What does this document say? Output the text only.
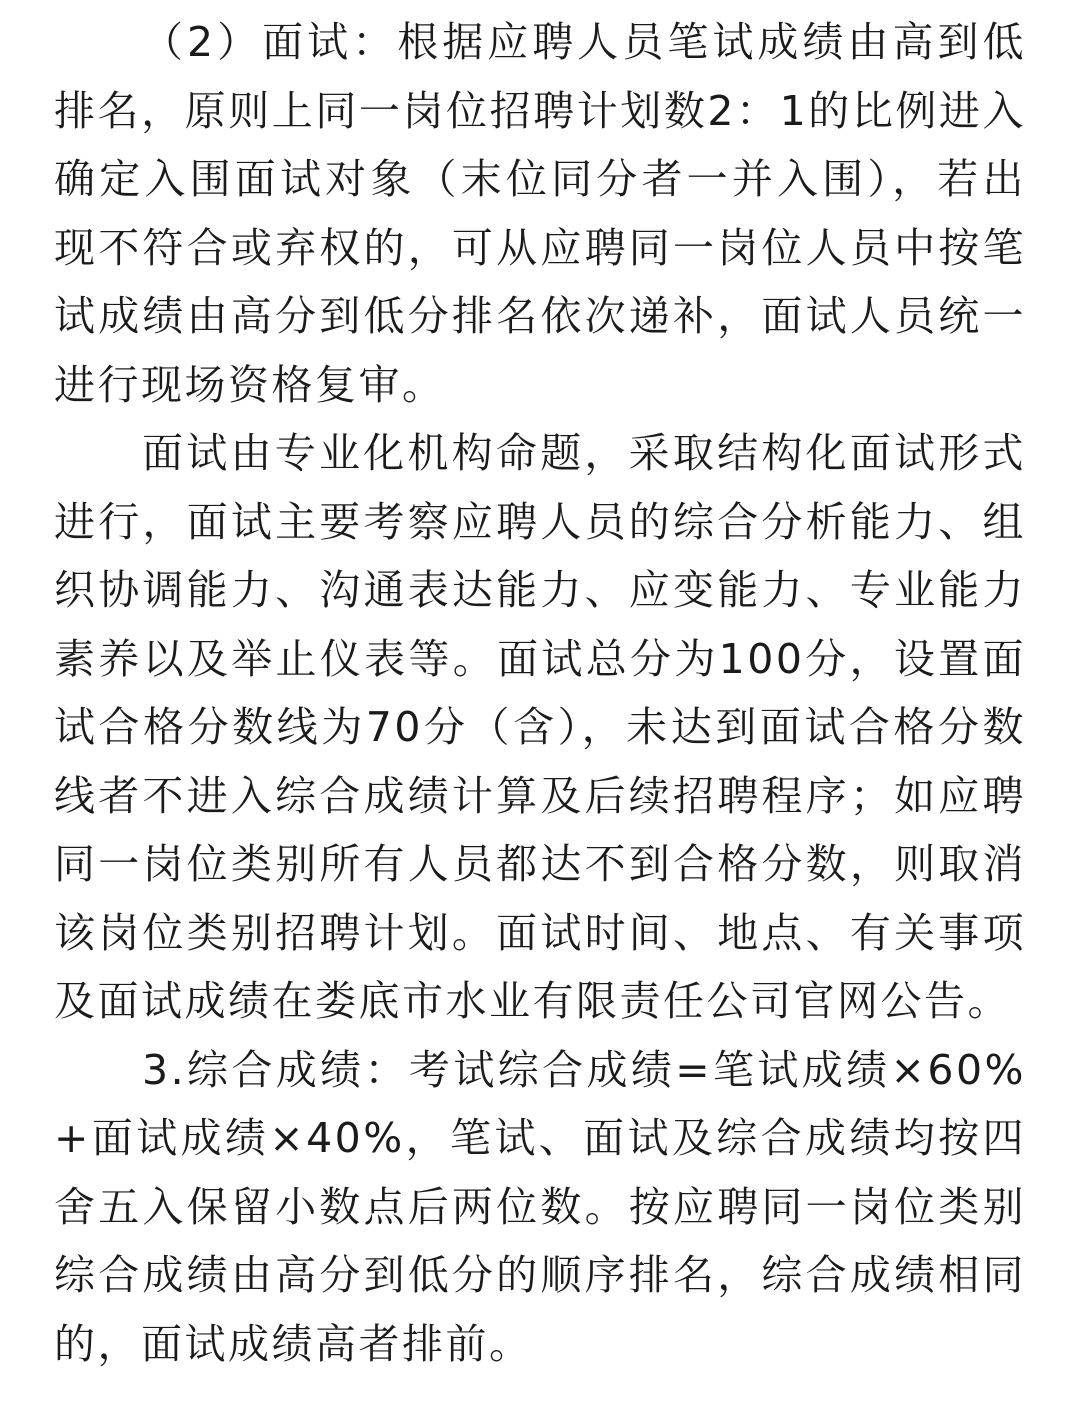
（2）面试：根据应聘人员笔试成绩由高到低排名，原则上同一岗位招聘计划数2：1的比例进入确定入围面试对象（末位同分者一并入围），若出现不符合或弃权的，可从应聘同一岗位人员中按笔试成绩由高分到低分排名依次递补，面试人员统一进行现场资格复审。

面试由专业化机构命题，采取结构化面试形式进行，面试主要考察应聘人员的综合分析能力、组织协调能力、沟通表达能力、应变能力、专业能力素养以及举止仪表等。面试总分为100分，设置面试合格分数线为70分（含），未达到面试合格分数线者不进入综合成绩计算及后续招聘程序；如应聘同一岗位类别所有人员都达不到合格分数，则取消该岗位类别招聘计划。面试时间、地点、有关事项及面试成绩在娄底市水业有限责任公司官网公告。

3.综合成绩：考试综合成绩=笔试成绩×60%+面试成绩×40%，笔试、面试及综合成绩均按四舍五入保留小数点后两位数。按应聘同一岗位类别综合成绩由高分到低分的顺序排名，综合成绩相同的，面试成绩高者排前。
